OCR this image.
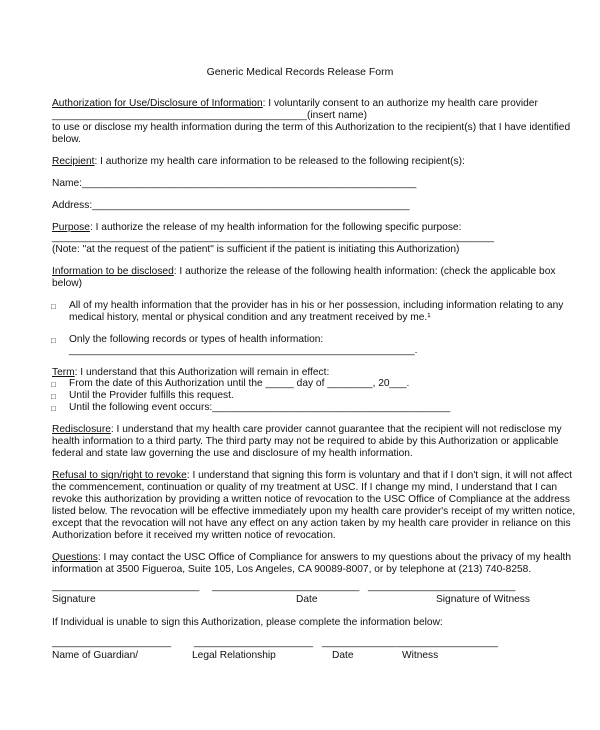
Generic Medical Records Release Form
Authorization for Use/Disclosure of Information: I voluntarily consent to an authorize my health care provider
_____________________________________________(insert name)
to use or disclose my health information during the term of this Authorization to the recipient(s) that I have identified
below.
Recipient: I authorize my health care information to be released to the following recipient(s):
Name:___________________________________________________________
Address:________________________________________________________
Purpose: I authorize the release of my health information for the following specific purpose:
______________________________________________________________________________
(Note: "at the request of the patient" is sufficient if the patient is initiating this Authorization)
Information to be disclosed: I authorize the release of the following health information: (check the applicable box
below)
□ All of my health information that the provider has in his or her possession, including information relating to any
medical history, mental or physical condition and any treatment received by me.¹
□ Only the following records or types of health information:
_____________________________________________________________.
Term: I understand that this Authorization will remain in effect:
□ From the date of this Authorization until the _____ day of ________, 20___.
□ Until the Provider fulfills this request.
□ Until the following event occurs:__________________________________________
Redisclosure: I understand that my health care provider cannot guarantee that the recipient will not redisclose my
health information to a third party. The third party may not be required to abide by this Authorization or applicable
federal and state law governing the use and disclosure of my health information.
Refusal to sign/right to revoke: I understand that signing this form is voluntary and that if I don't sign, it will not affect
the commencement, continuation or quality of my treatment at USC. If I change my mind, I understand that I can
revoke this authorization by providing a written notice of revocation to the USC Office of Compliance at the address
listed below. The revocation will be effective immediately upon my health care provider's receipt of my written notice,
except that the revocation will not have any effect on any action taken by my health care provider in reliance on this
Authorization before it received my written notice of revocation.
Questions: I may contact the USC Office of Compliance for answers to my questions about the privacy of my health
information at 3500 Figueroa, Suite 105, Los Angeles, CA 90089-8007, or by telephone at (213) 740-8258.
__________________________ __________________________ __________________________
Signature	Date	Signature of Witness
If Individual is unable to sign this Authorization, please complete the information below:
_____________________ _____________________ _____________ __________________
Name of Guardian/	Legal Relationship	Date	Witness
